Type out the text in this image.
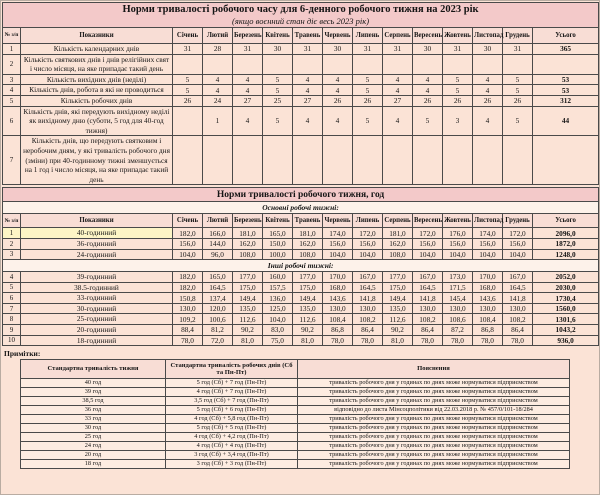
Норми тривалості робочого часу для 6-денного робочого тижня на 2023 рік
(якщо воєнний стан діє весь 2023 рік)														

№ з/п	Показники	Січень	Лютий	Березень	Квітень	Травень	Червень	Липень	Серпень	Вересень	Жовтень	Листопад	Грудень	Усього
1	Кількість календарних днів	31	28	31	30	31	30	31	31	30	31	30	31	365
2	Кількість святкових днів і днів релігійних свят і число місяця, на яке припадає такий день													
3	Кількість вихідних днів (неділі)	5	4	4	5	4	4	5	4	4	5	4	5	53
4	Кількість днів, робота в які не проводиться	5	4	4	5	4	4	5	4	4	5	4	5	53
5	Кількість робочих днів	26	24	27	25	27	26	26	27	26	26	26	26	312
6	Кількість днів, які передують вихідному неділі як вихідному дню (суботи, 5 год для 40-год тижня)		1	4	5	4	4	5	4	5	3	4	5	44
7	Кількість днів, що передують святковим і неробочим дням, у які тривалість робочого дня (зміни) при 40-годинному тижні зменшується на 1 год і число місяця, на яке припадає такий день													
Норми тривалості робочого тижня, год														
Основні робочі тижні:														
№ з/п	Показники	Січень	Лютий	Березень	Квітень	Травень	Червень	Липень	Серпень	Вересень	Жовтень	Листопад	Грудень	Усього
1	40-годинний	182,0	166,0	181,0	165,0	181,0	174,0	172,0	181,0	172,0	176,0	174,0	172,0	2096,0
2	36-годинний	156,0	144,0	162,0	150,0	162,0	156,0	156,0	162,0	156,0	156,0	156,0	156,0	1872,0
3	24-годинний	104,0	96,0	108,0	100,0	108,0	104,0	104,0	108,0	104,0	104,0	104,0	104,0	1248,0
Інші робочі тижні:														
4	39-годинний	182,0	165,0	177,0	160,0	177,0	170,0	167,0	177,0	167,0	173,0	170,0	167,0	2052,0
5	38.5-годинний	182,0	164,5	175,0	157,5	175,0	168,0	164,5	175,0	164,5	171,5	168,0	164,5	2030,0
6	33-годинний	150,8	137,4	149,4	136,0	149,4	143,6	141,8	149,4	141,8	145,4	143,6	141,8	1730,4
7	30-годинний	130,0	120,0	135,0	125,0	135,0	130,0	130,0	135,0	130,0	130,0	130,0	130,0	1560,0
8	25-годинний	109,2	100,6	112,6	104,0	112,6	108,4	108,2	112,6	108,2	108,6	108,4	108,2	1301,6
9	20-годинний	88,4	81,2	90,2	83,0	90,2	86,8	86,4	90,2	86,4	87,2	86,8	86,4	1043,2
10	18-годинний	78,0	72,0	81,0	75,0	81,0	78,0	78,0	81,0	78,0	78,0	78,0	78,0	936,0
Примітки:
Стандартна тривалість тижня	Стандартна тривалість робочих днів (Сб та Пн-Пт)	Пояснення
40 год	5 год (Сб) + 7 год (Пн-Пт)	тривалість робочого дня у годинах по днях може нормуватися підприємством
39 год	4 год (Сб) + 7 год (Пн-Пт)	тривалість робочого дня у годинах по днях може нормуватися підприємством
38,5 год	3,5 год (Сб) + 7 год (Пн-Пт)	тривалість робочого дня у годинах по днях може нормуватися підприємством
36 год	5 год (Сб) + 6 год (Пн-Пт)	відповідно до листа Мінсоцполітики від 22.03.2018 р. № 457/0/101-18/284
33 год	4 год (Сб) + 5,8 год (Пн-Пт)	тривалість робочого дня у годинах по днях може нормуватися підприємством
30 год	5 год (Сб) + 5 год (Пн-Пт)	тривалість робочого дня у годинах по днях може нормуватися підприємством
25 год	4 год (Сб) + 4,2 год (Пн-Пт)	тривалість робочого дня у годинах по днях може нормуватися підприємством
24 год	4 год (Сб) + 4 год (Пн-Пт)	тривалість робочого дня у годинах по днях може нормуватися підприємством
20 год	3 год (Сб) + 3,4 год (Пн-Пт)	тривалість робочого дня у годинах по днях може нормуватися підприємством
18 год	3 год (Сб) + 3 год (Пн-Пт)	тривалість робочого дня у годинах по днях може нормуватися підприємством
